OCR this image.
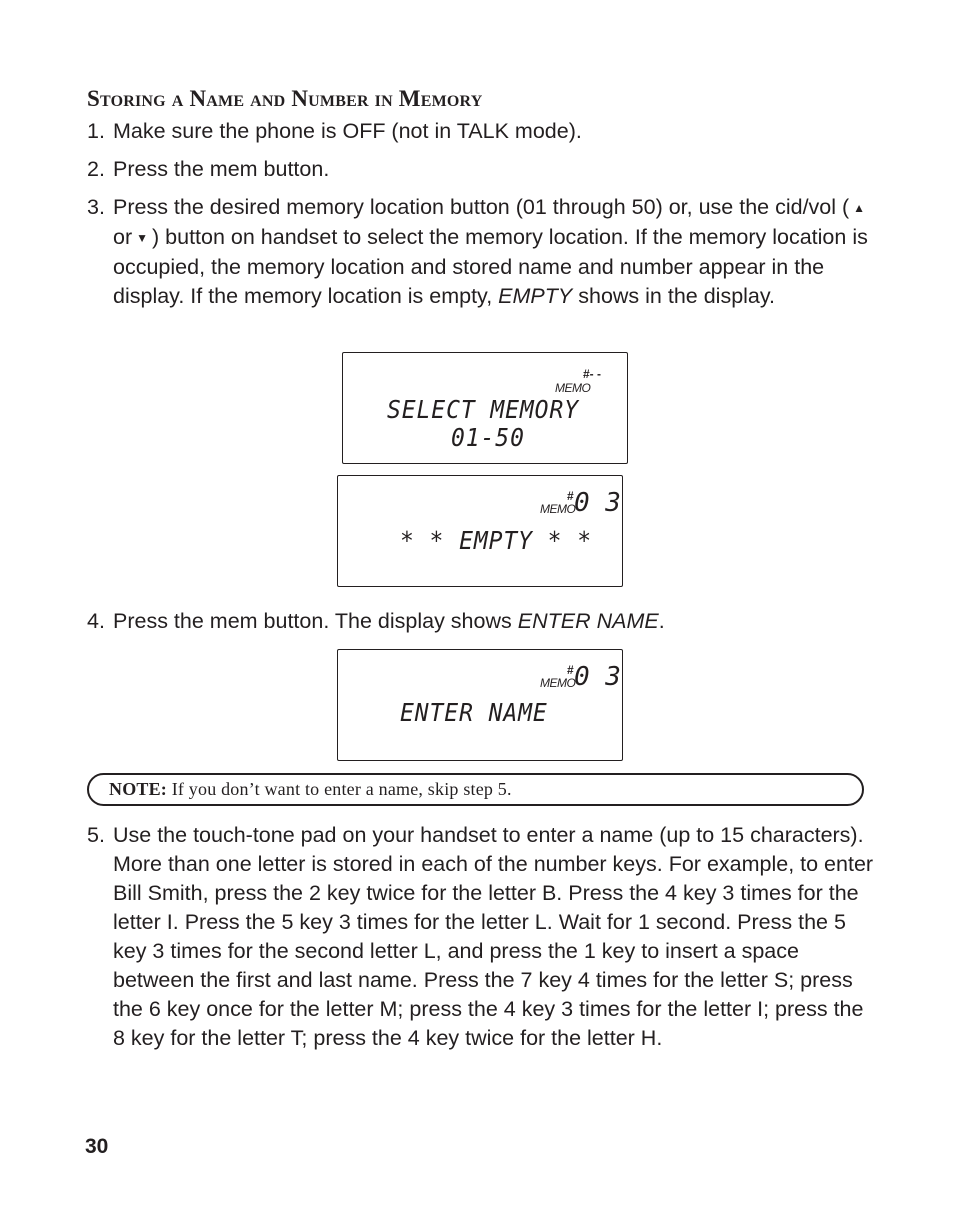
Storing a Name and Number in Memory
1. Make sure the phone is OFF (not in TALK mode).
2. Press the mem button.
3. Press the desired memory location button (01 through 50) or, use the cid/vol ( ▲or ▼ ) button on handset to select the memory location. If the memory location is occupied, the memory location and stored name and number appear in the display. If the memory location is empty, EMPTY shows in the display.
#- -
MEMO
SELECT MEMORY
01-50
#
MEMO
0 3
* * EMPTY * *
4. Press the mem button. The display shows ENTER NAME.
#
MEMO
0 3
ENTER NAME
NOTE: If you don’t want to enter a name, skip step 5.
5. Use the touch-tone pad on your handset to enter a name (up to 15 characters). More than one letter is stored in each of the number keys. For example, to enter Bill Smith, press the 2 key twice for the letter B. Press the 4 key 3 times for the letter I. Press the 5 key 3 times for the letter L. Wait for 1 second. Press the 5 key 3 times for the second letter L, and press the 1 key to insert a space between the first and last name. Press the 7 key 4 times for the letter S; press the 6 key once for the letter M; press the 4 key 3 times for the letter I; press the 8 key for the letter T; press the 4 key twice for the letter H.
30
